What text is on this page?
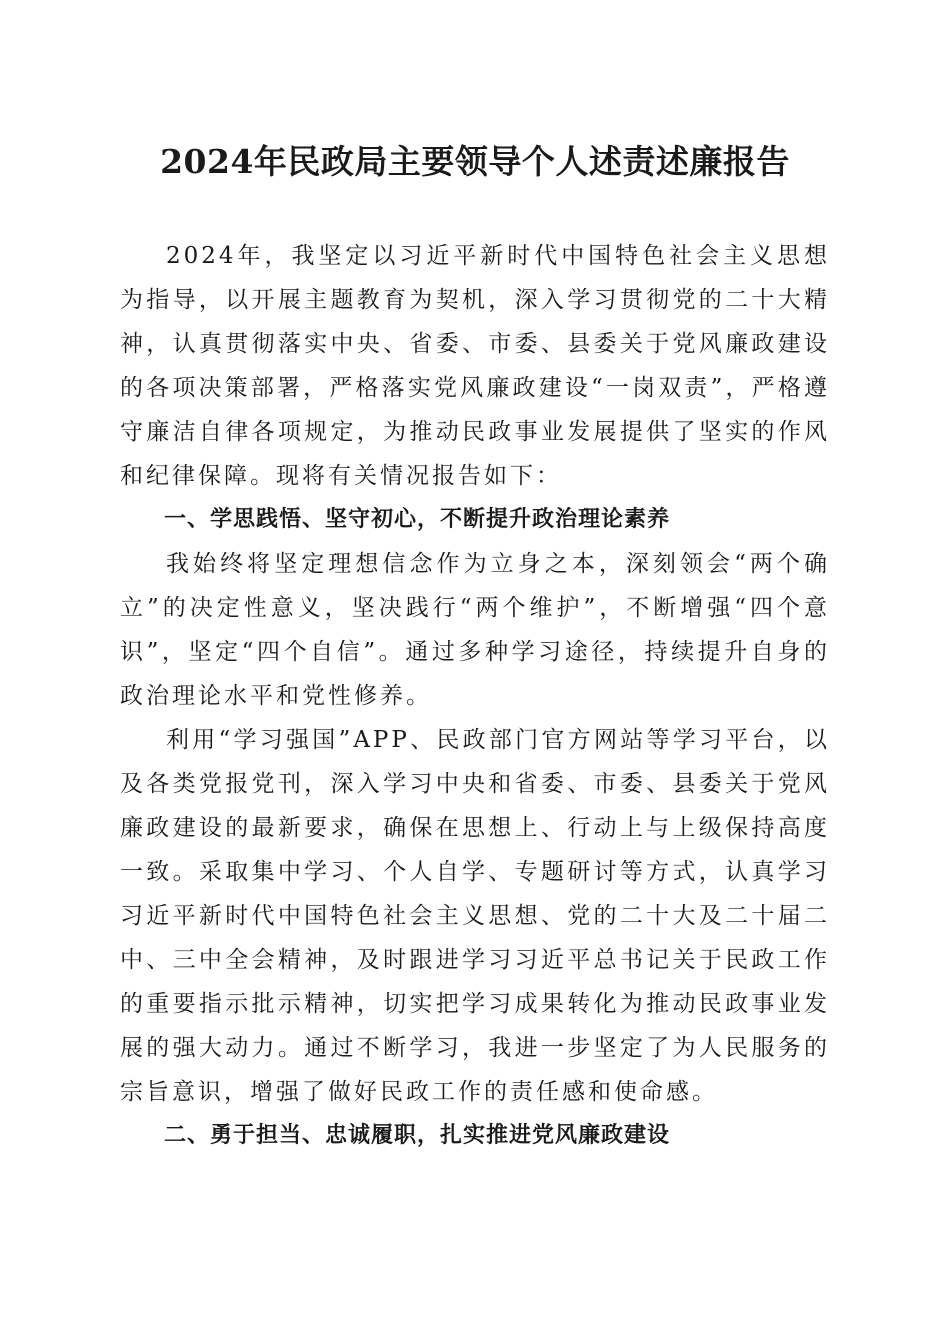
2024年民政局主要领导个人述责述廉报告

2024年，我坚定以习近平新时代中国特色社会主义思想为指导，以开展主题教育为契机，深入学习贯彻党的二十大精神，认真贯彻落实中央、省委、市委、县委关于党风廉政建设的各项决策部署，严格落实党风廉政建设“一岗双责”，严格遵守廉洁自律各项规定，为推动民政事业发展提供了坚实的作风和纪律保障。现将有关情况报告如下：

一、学思践悟、坚守初心，不断提升政治理论素养

我始终将坚定理想信念作为立身之本，深刻领会“两个确立”的决定性意义，坚决践行“两个维护”，不断增强“四个意识”，坚定“四个自信”。通过多种学习途径，持续提升自身的政治理论水平和党性修养。

利用“学习强国”APP、民政部门官方网站等学习平台，以及各类党报党刊，深入学习中央和省委、市委、县委关于党风廉政建设的最新要求，确保在思想上、行动上与上级保持高度一致。采取集中学习、个人自学、专题研讨等方式，认真学习习近平新时代中国特色社会主义思想、党的二十大及二十届二中、三中全会精神，及时跟进学习习近平总书记关于民政工作的重要指示批示精神，切实把学习成果转化为推动民政事业发展的强大动力。通过不断学习，我进一步坚定了为人民服务的宗旨意识，增强了做好民政工作的责任感和使命感。

二、勇于担当、忠诚履职，扎实推进党风廉政建设
